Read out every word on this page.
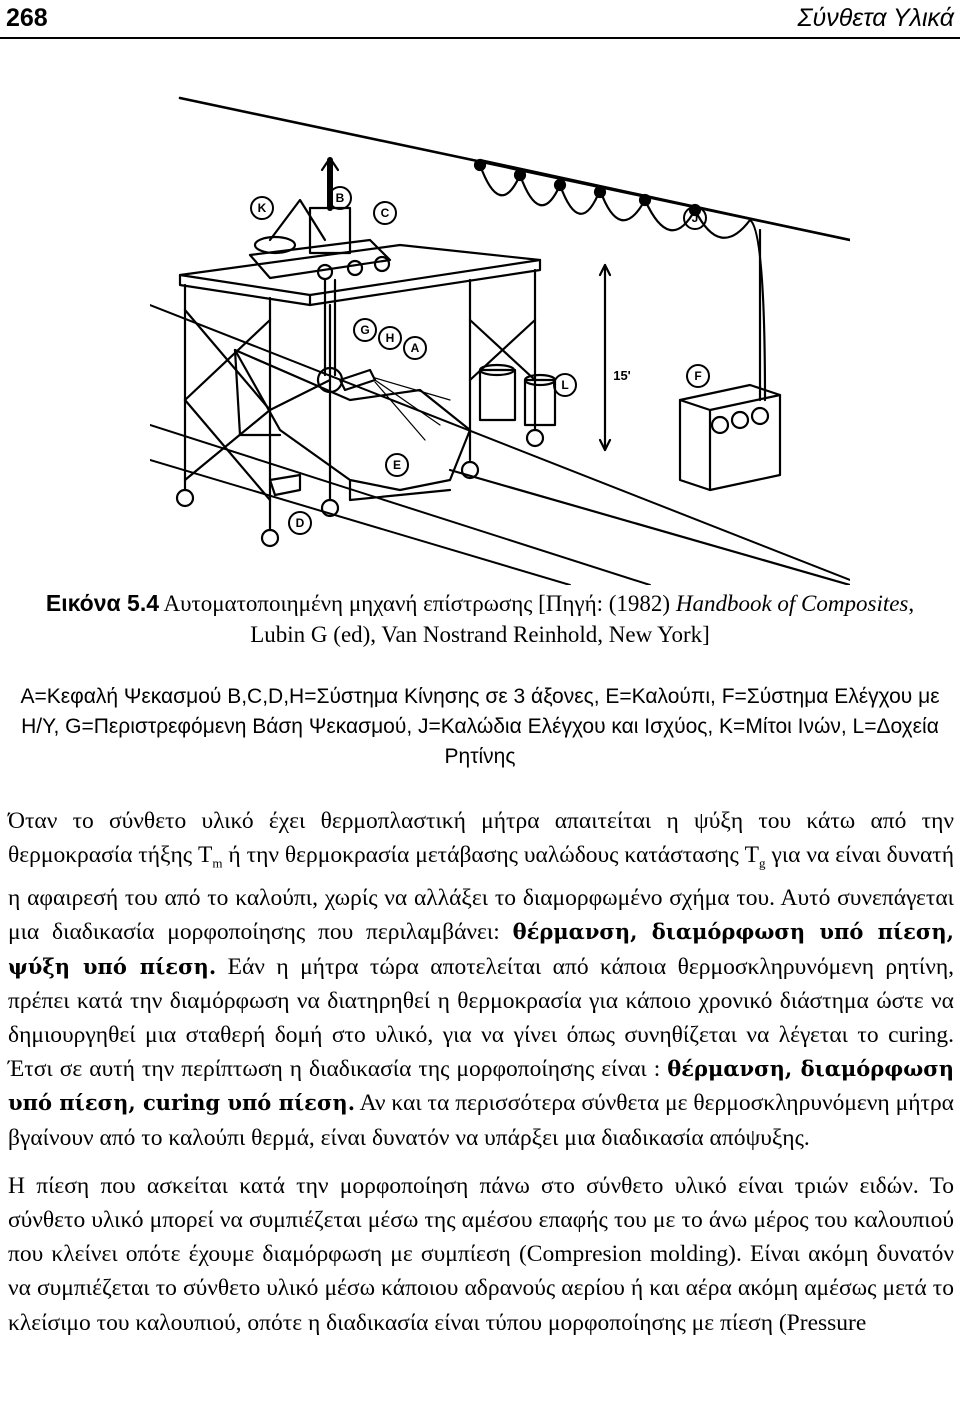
268	Σύνθετα Υλικά
K
B
C
G
H
A
L
E
D
J
F
15'
Εικόνα 5.4 Αυτοματοποιημένη μηχανή επίστρωσης [Πηγή: (1982) Handbook of Composites, Lubin G (ed), Van Nostrand Reinhold, New York]
A=Κεφαλή Ψεκασμού B,C,D,H=Σύστημα Κίνησης σε 3 άξονες, E=Καλούπι, F=Σύστημα Ελέγχου με Η/Υ, G=Περιστρεφόμενη Βάση Ψεκασμού, J=Καλώδια Ελέγχου και Ισχύος, K=Μίτοι Ινών, L=Δοχεία Ρητίνης

Όταν το σύνθετο υλικό έχει θερμοπλαστική μήτρα απαιτείται η ψύξη του κάτω από την θερμοκρασία τήξης $T_m$ ή την θερμοκρασία μετάβασης υαλώδους κατάστασης $T_g$ για να είναι δυνατή η αφαιρεσή του από το καλούπι, χωρίς να αλλάξει το διαμορφωμένο σχήμα του. Αυτό συνεπάγεται μια διαδικασία μορφοποίησης που περιλαμβάνει: θέρμανση, διαμόρφωση υπό πίεση, ψύξη υπό πίεση. Εάν η μήτρα τώρα αποτελείται από κάποια θερμοσκληρυνόμενη ρητίνη, πρέπει κατά την διαμόρφωση να διατηρηθεί η θερμοκρασία για κάποιο χρονικό διάστημα ώστε να δημιουργηθεί μια σταθερή δομή στο υλικό, για να γίνει όπως συνηθίζεται να λέγεται το curing. Έτσι σε αυτή την περίπτωση η διαδικασία της μορφοποίησης είναι : θέρμανση, διαμόρφωση υπό πίεση, curing υπό πίεση. Αν και τα περισσότερα σύνθετα με θερμοσκληρυνόμενη μήτρα βγαίνουν από το καλούπι θερμά, είναι δυνατόν να υπάρξει μια διαδικασία απόψυξης.

Η πίεση που ασκείται κατά την μορφοποίηση πάνω στο σύνθετο υλικό είναι τριών ειδών. Το σύνθετο υλικό μπορεί να συμπιέζεται μέσω της αμέσου επαφής του με το άνω μέρος του καλουπιού που κλείνει οπότε έχουμε διαμόρφωση με συμπίεση (Compresion molding). Είναι ακόμη δυνατόν να συμπιέζεται το σύνθετο υλικό μέσω κάποιου αδρανούς αερίου ή και αέρα ακόμη αμέσως μετά το κλείσιμο του καλουπιού, οπότε η διαδικασία είναι τύπου μορφοποίησης με πίεση (Pressure
